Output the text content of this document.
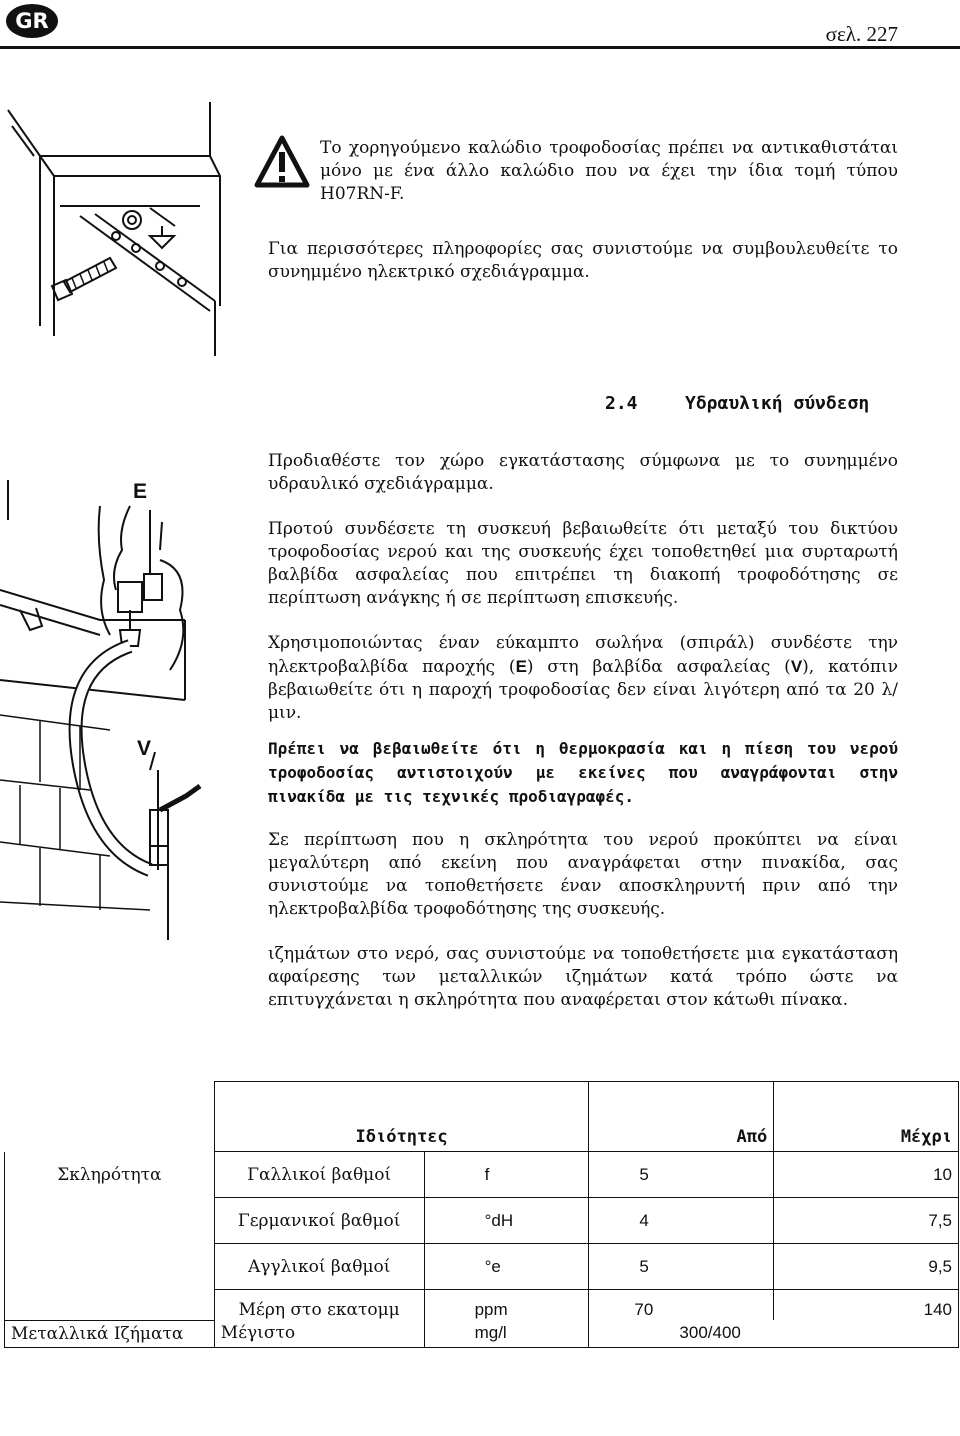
GR
σελ. 227
Το χορηγούμενο καλώδιο τροφοδοσίας πρέπει να αντικαθιστάται μόνο με ένα άλλο καλώδιο που να έχει την ίδια τομή τύπου H07RN-F.
Για περισσότερες πληροφορίες σας συνιστούμε να συμβουλευθείτε το συνημμένο ηλεκτρικό σχεδιάγραμμα.
2.4	Υδραυλική σύνδεση
E
V
Προδιαθέστε τον χώρο εγκατάστασης σύμφωνα με το συνημμένο υδραυλικό σχεδιάγραμμα.
Προτού συνδέσετε τη συσκευή βεβαιωθείτε ότι μεταξύ του δικτύου τροφοδοσίας νερού και της συσκευής έχει τοποθετηθεί μια συρταρωτή βαλβίδα ασφαλείας που επιτρέπει τη διακοπή τροφοδότησης σε περίπτωση ανάγκης ή σε περίπτωση επισκευής.
Χρησιμοποιώντας έναν εύκαμπτο σωλήνα (σπιράλ) συνδέστε την ηλεκτροβαλβίδα παροχής (E) στη βαλβίδα ασφαλείας (V), κατόπιν βεβαιωθείτε ότι η παροχή τροφοδοσίας δεν είναι λιγότερη από τα 20 λ/μιν.
Πρέπει να βεβαιωθείτε ότι η θερμοκρασία και η πίεση του νερού τροφοδοσίας αντιστοιχούν με εκείνες που αναγράφονται στην πινακίδα με τις τεχνικές προδιαγραφές.
Σε περίπτωση που η σκληρότητα του νερού προκύπτει να είναι μεγαλύτερη από εκείνη που αναγράφεται στην πινακίδα, σας συνιστούμε να τοποθετήσετε έναν αποσκληρυντή πριν από την ηλεκτροβαλβίδα τροφοδότησης της συσκευής.
ιζημάτων στο νερό, σας συνιστούμε να τοποθετήσετε μια εγκατάσταση αφαίρεσης των μεταλλικών ιζημάτων κατά τρόπο ώστε να επιτυγχάνεται η σκληρότητα που αναφέρεται στον κάτωθι πίνακα.
	Ιδιότητες		Από	Μέχρι
Σκληρότητα	Γαλλικοί βαθμοί	f	5	10
	Γερμανικοί βαθμοί	°dH	4	7,5
	Αγγλικοί βαθμοί	°e	5	9,5
	Μέρη στο εκατομμ	ppm	70	140
Μεταλλικά Ιζήματα	Μέγιστο	mg/l	300/400	
